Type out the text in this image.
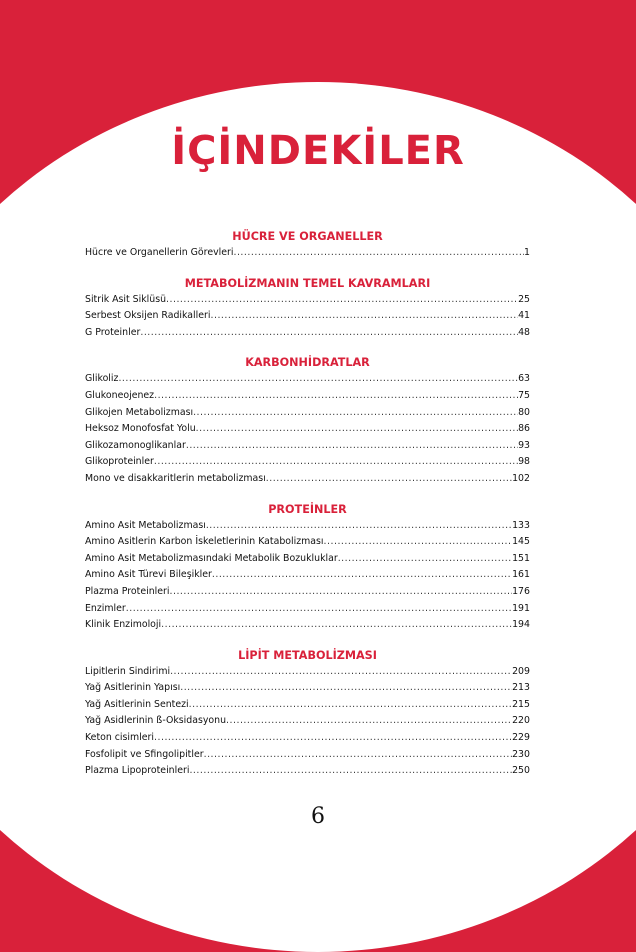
İÇİNDEKİLER
HÜCRE VE ORGANELLER
Hücre ve Organellerin Görevleri .....	1
METABOLİZMANIN TEMEL KAVRAMLARI
Sitrik Asit Siklüsü .....	25
Serbest Oksijen Radikalleri .....	41
G Proteinler .....	48
KARBONHİDRATLAR
Glikoliz .....	63
Glukoneojenez .....	75
Glikojen Metabolizması .....	80
Heksoz Monofosfat Yolu .....	86
Glikozamonoglikanlar .....	93
Glikoproteinler .....	98
Mono ve disakkaritlerin metabolizması .....	102
PROTEİNLER
Amino Asit Metabolizması .....	133
Amino Asitlerin Karbon İskeletlerinin Katabolizması .....	145
Amino Asit Metabolizmasındaki Metabolik Bozukluklar .....	151
Amino Asit Türevi Bileşikler .....	161
Plazma Proteinleri .....	176
Enzimler .....	191
Klinik Enzimoloji .....	194
LİPİT METABOLİZMASI
Lipitlerin Sindirimi .....	209
Yağ Asitlerinin Yapısı .....	213
Yağ Asitlerinin Sentezi .....	215
Yağ Asidlerinin ß-Oksidasyonu .....	220
Keton cisimleri .....	229
Fosfolipit ve Sfingolipitler .....	230
Plazma Lipoproteinleri .....	250
6
